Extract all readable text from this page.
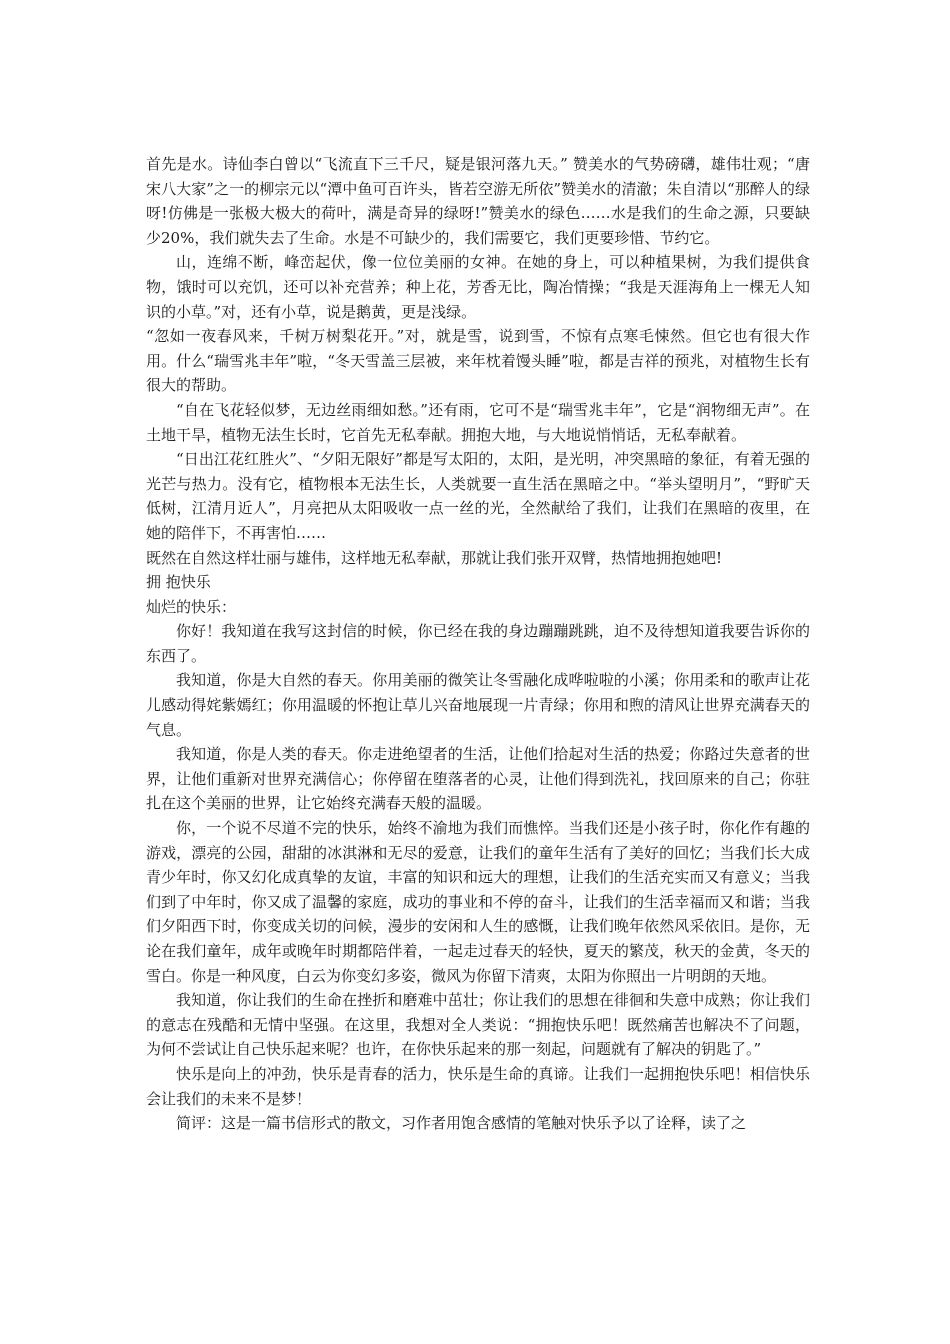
首先是水。诗仙李白曾以“飞流直下三千尺，疑是银河落九天。” 赞美水的气势磅礴，雄伟壮观；“唐宋八大家”之一的柳宗元以“潭中鱼可百许头，皆若空游无所依”赞美水的清澈；朱自清以“那醉人的绿呀!仿佛是一张极大极大的荷叶，满是奇异的绿呀!”赞美水的绿色……水是我们的生命之源，只要缺少20%，我们就失去了生命。水是不可缺少的，我们需要它，我们更要珍惜、节约它。

山，连绵不断，峰峦起伏，像一位位美丽的女神。在她的身上，可以种植果树，为我们提供食物，饿时可以充饥，还可以补充营养；种上花，芳香无比，陶冶情操；“我是天涯海角上一棵无人知识的小草。”对，还有小草，说是鹅黄，更是浅绿。

“忽如一夜春风来，千树万树梨花开。”对，就是雪，说到雪，不惊有点寒毛悚然。但它也有很大作用。什么“瑞雪兆丰年”啦，“冬天雪盖三层被，来年枕着馒头睡”啦，都是吉祥的预兆，对植物生长有很大的帮助。

“自在飞花轻似梦，无边丝雨细如愁。”还有雨，它可不是“瑞雪兆丰年”，它是“润物细无声”。在土地干旱，植物无法生长时，它首先无私奉献。拥抱大地，与大地说悄悄话，无私奉献着。

“日出江花红胜火”、“夕阳无限好”都是写太阳的，太阳，是光明，冲突黑暗的象征，有着无强的光芒与热力。没有它，植物根本无法生长，人类就要一直生活在黑暗之中。“举头望明月”，“野旷天低树，江清月近人”，月亮把从太阳吸收一点一丝的光，全然献给了我们，让我们在黑暗的夜里，在她的陪伴下，不再害怕……

既然在自然这样壮丽与雄伟，这样地无私奉献，那就让我们张开双臂，热情地拥抱她吧!

拥 抱快乐

灿烂的快乐：

你好！我知道在我写这封信的时候，你已经在我的身边蹦蹦跳跳，迫不及待想知道我要告诉你的东西了。

我知道，你是大自然的春天。你用美丽的微笑让冬雪融化成哗啦啦的小溪；你用柔和的歌声让花儿感动得姹紫嫣红；你用温暖的怀抱让草儿兴奋地展现一片青绿；你用和煦的清风让世界充满春天的气息。

我知道，你是人类的春天。你走进绝望者的生活，让他们拾起对生活的热爱；你路过失意者的世界，让他们重新对世界充满信心；你停留在堕落者的心灵，让他们得到洗礼，找回原来的自己；你驻扎在这个美丽的世界，让它始终充满春天般的温暖。

你，一个说不尽道不完的快乐，始终不渝地为我们而憔悴。当我们还是小孩子时，你化作有趣的游戏，漂亮的公园，甜甜的冰淇淋和无尽的爱意，让我们的童年生活有了美好的回忆；当我们长大成青少年时，你又幻化成真挚的友谊，丰富的知识和远大的理想，让我们的生活充实而又有意义；当我们到了中年时，你又成了温馨的家庭，成功的事业和不停的奋斗，让我们的生活幸福而又和谐；当我们夕阳西下时，你变成关切的问候，漫步的安闲和人生的感慨，让我们晚年依然风采依旧。是你，无论在我们童年，成年或晚年时期都陪伴着，一起走过春天的轻快，夏天的繁茂，秋天的金黄，冬天的雪白。你是一种风度，白云为你变幻多姿，微风为你留下清爽，太阳为你照出一片明朗的天地。

我知道，你让我们的生命在挫折和磨难中茁壮；你让我们的思想在徘徊和失意中成熟；你让我们的意志在残酷和无情中坚强。在这里，我想对全人类说：“拥抱快乐吧！既然痛苦也解决不了问题，为何不尝试让自己快乐起来呢？也许，在你快乐起来的那一刻起，问题就有了解决的钥匙了。”

快乐是向上的冲劲，快乐是青春的活力，快乐是生命的真谛。让我们一起拥抱快乐吧！相信快乐会让我们的未来不是梦！

简评：这是一篇书信形式的散文，习作者用饱含感情的笔触对快乐予以了诠释，读了之
